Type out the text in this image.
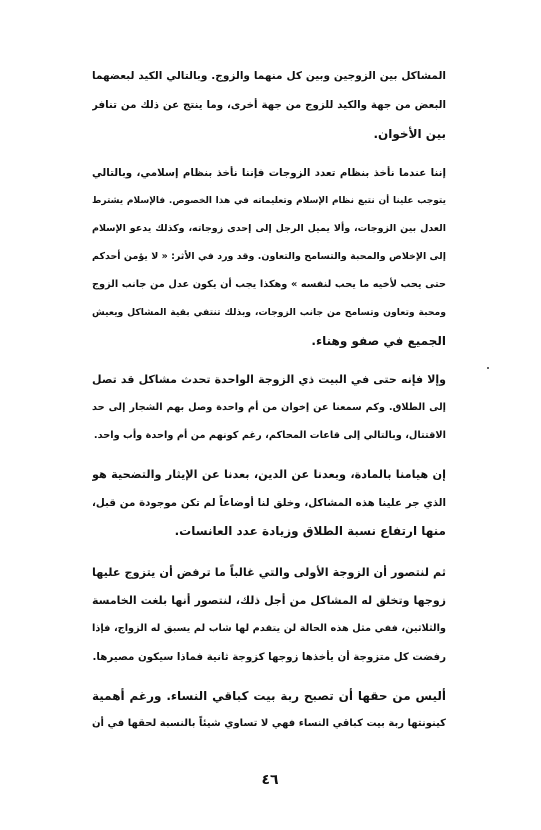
المشاكل بين الزوجين وبين كل منهما والزوج. وبالتالي الكيد لبعضهما
البعض من جهة والكيد للزوج من جهة أخرى، وما ينتج عن ذلك من تنافر
بين الأخوان.
إننا عندما نأخذ بنظام تعدد الزوجات فإننا نأخذ بنظام إسلامي، وبالتالي
يتوجب علينا أن نتبع نظام الإسلام وتعليماته في هذا الخصوص. فالإسلام يشترط
العدل بين الزوجات، وألا يميل الرجل إلى إحدى زوجاته، وكذلك يدعو الإسلام
إلى الإخلاص والمحبة والتسامح والتعاون. وقد ورد في الأثر: « لا يؤمن أحدكم
حتى يحب لأخيه ما يحب لنفسه » وهكذا يجب أن يكون عدل من جانب الزوج
ومحبة وتعاون وتسامح من جانب الزوجات، وبذلك تنتفي بقية المشاكل ويعيش
الجميع في صفو وهناء.
وإلا فإنه حتى في البيت ذي الزوجة الواحدة تحدث مشاكل قد تصل
إلى الطلاق. وكم سمعنا عن إخوان من أم واحدة وصل بهم الشجار إلى حد
الاقتتال، وبالتالي إلى قاعات المحاكم، رغم كونهم من أم واحدة وأب واحد.
إن هيامنا بالمادة، وبعدنا عن الدين، بعدنا عن الإيثار والتضحية هو
الذي جر علينا هذه المشاكل، وخلق لنا أوضاعاً لم تكن موجودة من قبل،
منها ارتفاع نسبة الطلاق وزيادة عدد العانسات.
ثم لنتصور أن الزوجة الأولى والتي غالباً ما ترفض أن يتزوج عليها
زوجها وتخلق له المشاكل من أجل ذلك، لنتصور أنها بلغت الخامسة
والثلاثين، ففي مثل هذه الحالة لن يتقدم لها شاب لم يسبق له الزواج، فإذا
رفضت كل متزوجة أن يأخذها زوجها كزوجة ثانية فماذا سيكون مصيرها.
أليس من حقها أن تصبح ربة بيت كباقي النساء. ورغم أهمية
كينونتها ربة بيت كباقي النساء فهي لا تساوي شيئاً بالنسبة لحقها في أن
٤٦
